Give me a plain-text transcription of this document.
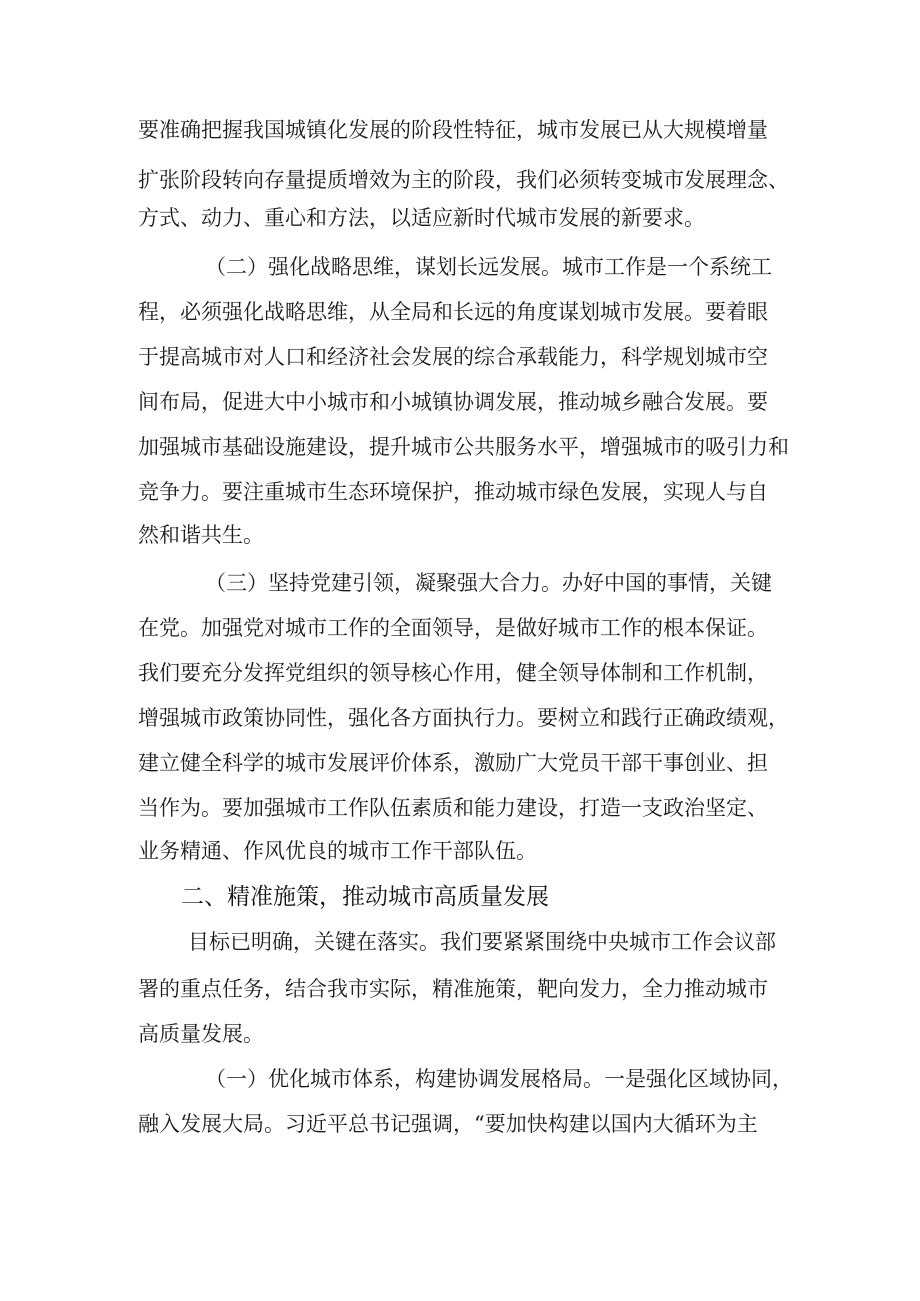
要准确把握我国城镇化发展的阶段性特征，城市发展已从大规模增量
扩张阶段转向存量提质增效为主的阶段，我们必须转变城市发展理念、
方式、动力、重心和方法，以适应新时代城市发展的新要求。
（二）强化战略思维，谋划长远发展。城市工作是一个系统工
程，必须强化战略思维，从全局和长远的角度谋划城市发展。要着眼
于提高城市对人口和经济社会发展的综合承载能力，科学规划城市空
间布局，促进大中小城市和小城镇协调发展，推动城乡融合发展。要
加强城市基础设施建设，提升城市公共服务水平，增强城市的吸引力和
竞争力。要注重城市生态环境保护，推动城市绿色发展，实现人与自
然和谐共生。
（三）坚持党建引领，凝聚强大合力。办好中国的事情，关键
在党。加强党对城市工作的全面领导，是做好城市工作的根本保证。
我们要充分发挥党组织的领导核心作用，健全领导体制和工作机制，
增强城市政策协同性，强化各方面执行力。要树立和践行正确政绩观，
建立健全科学的城市发展评价体系，激励广大党员干部干事创业、担
当作为。要加强城市工作队伍素质和能力建设，打造一支政治坚定、
业务精通、作风优良的城市工作干部队伍。
二、精准施策，推动城市高质量发展
目标已明确，关键在落实。我们要紧紧围绕中央城市工作会议部
署的重点任务，结合我市实际，精准施策，靶向发力，全力推动城市
高质量发展。
（一）优化城市体系，构建协调发展格局。一是强化区域协同，
融入发展大局。习近平总书记强调，“要加快构建以国内大循环为主
